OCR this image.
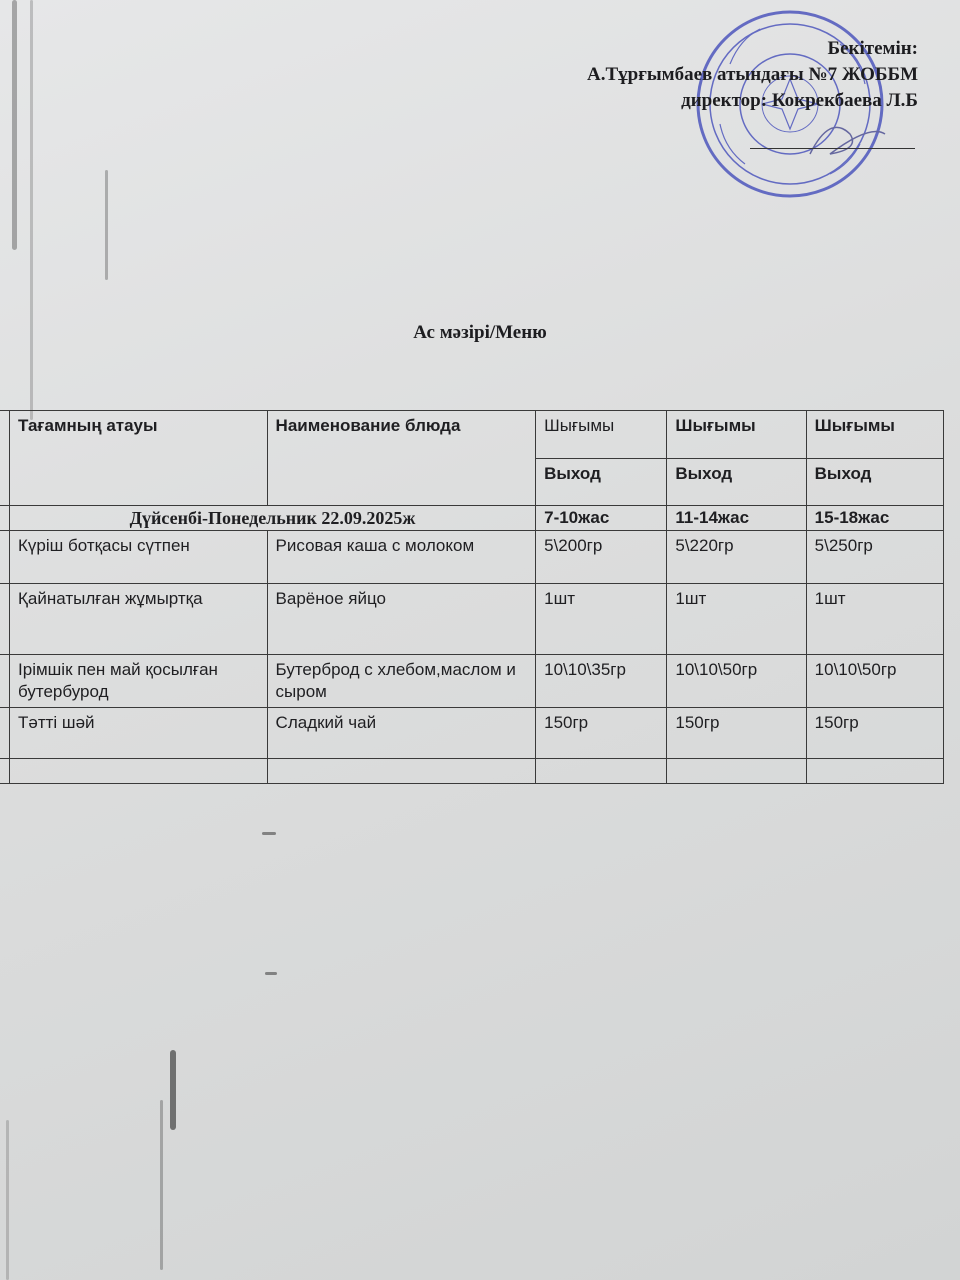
Бекітемін:
А.Тұрғымбаев атындағы №7 ЖОББМ
директор: Кокрекбаева Л.Б
Ас мәзірі/Меню
	Тағамның атауы	Наименование блюда	Шығымы	Шығымы	Шығымы
			Выход	Выход	Выход
	Дүйсенбі-Понедельник 22.09.2025ж		7-10жас	11-14жас	15-18жас
	Күріш ботқасы сүтпен	Рисовая каша с молоком	5\200гр	5\220гр	5\250гр
	Қайнатылған жұмыртқа	Варёное яйцо	1шт	1шт	1шт
	Ірімшік пен май қосылған бутербурод	Бутерброд с хлебом,маслом и сыром	10\10\35гр	10\10\50гр	10\10\50гр
	Тәтті шәй	Сладкий чай	150гр	150гр	150гр
